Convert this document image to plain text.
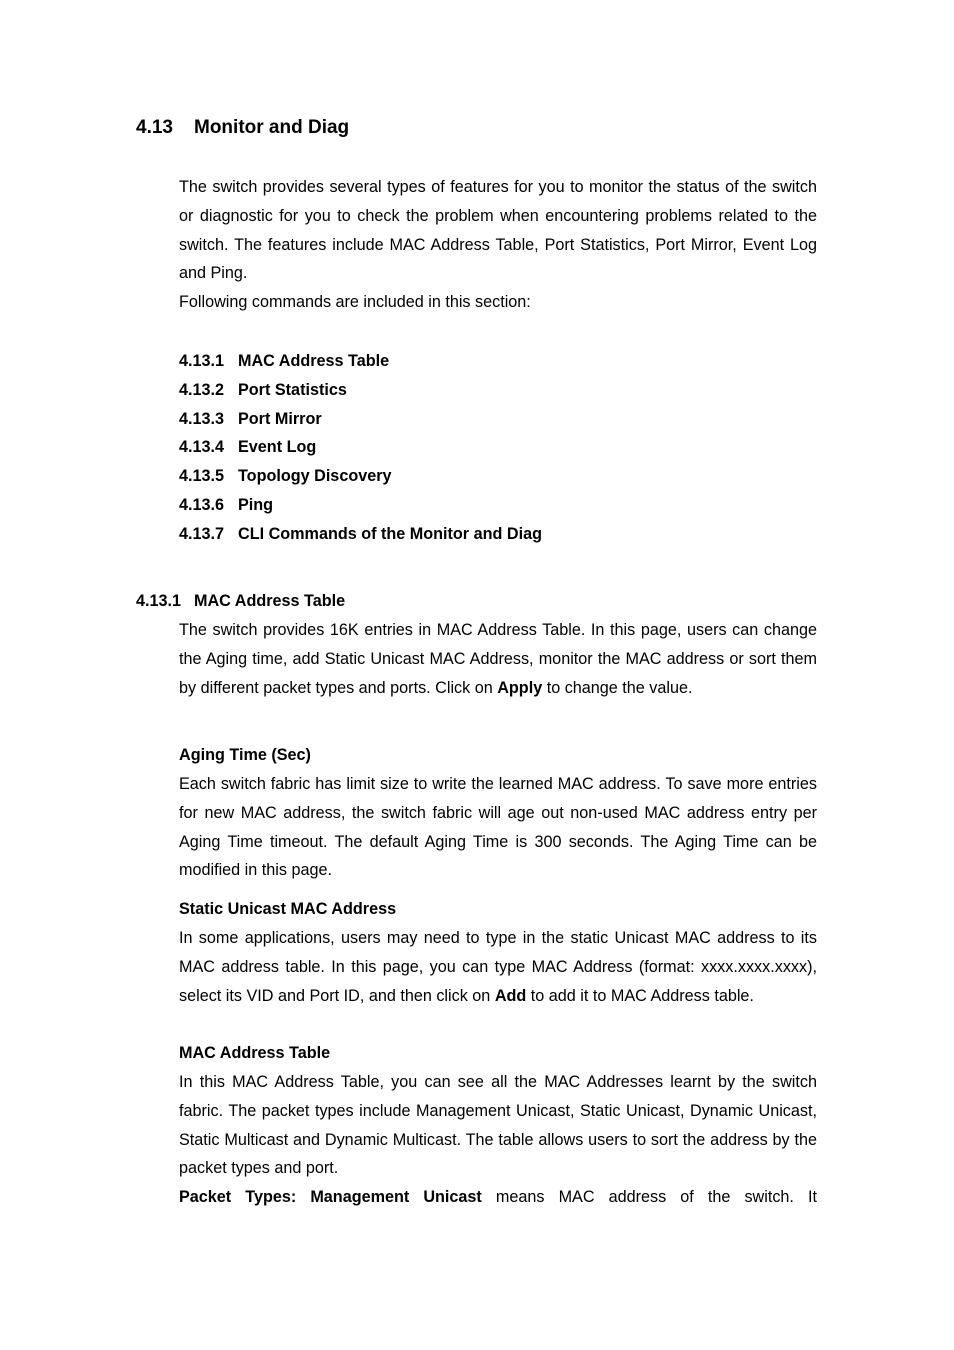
4.13 Monitor and Diag
The switch provides several types of features for you to monitor the status of the switch or diagnostic for you to check the problem when encountering problems related to the switch. The features include MAC Address Table, Port Statistics, Port Mirror, Event Log and Ping.
Following commands are included in this section:
4.13.1 MAC Address Table
4.13.2 Port Statistics
4.13.3 Port Mirror
4.13.4 Event Log
4.13.5 Topology Discovery
4.13.6 Ping
4.13.7 CLI Commands of the Monitor and Diag
4.13.1 MAC Address Table
The switch provides 16K entries in MAC Address Table. In this page, users can change the Aging time, add Static Unicast MAC Address, monitor the MAC address or sort them by different packet types and ports. Click on Apply to change the value.
Aging Time (Sec)
Each switch fabric has limit size to write the learned MAC address. To save more entries for new MAC address, the switch fabric will age out non-used MAC address entry per Aging Time timeout. The default Aging Time is 300 seconds. The Aging Time can be modified in this page.
Static Unicast MAC Address
In some applications, users may need to type in the static Unicast MAC address to its MAC address table. In this page, you can type MAC Address (format: xxxx.xxxx.xxxx), select its VID and Port ID, and then click on Add to add it to MAC Address table.
MAC Address Table
In this MAC Address Table, you can see all the MAC Addresses learnt by the switch fabric. The packet types include Management Unicast, Static Unicast, Dynamic Unicast, Static Multicast and Dynamic Multicast. The table allows users to sort the address by the packet types and port.
Packet Types: Management Unicast means MAC address of the switch. It
